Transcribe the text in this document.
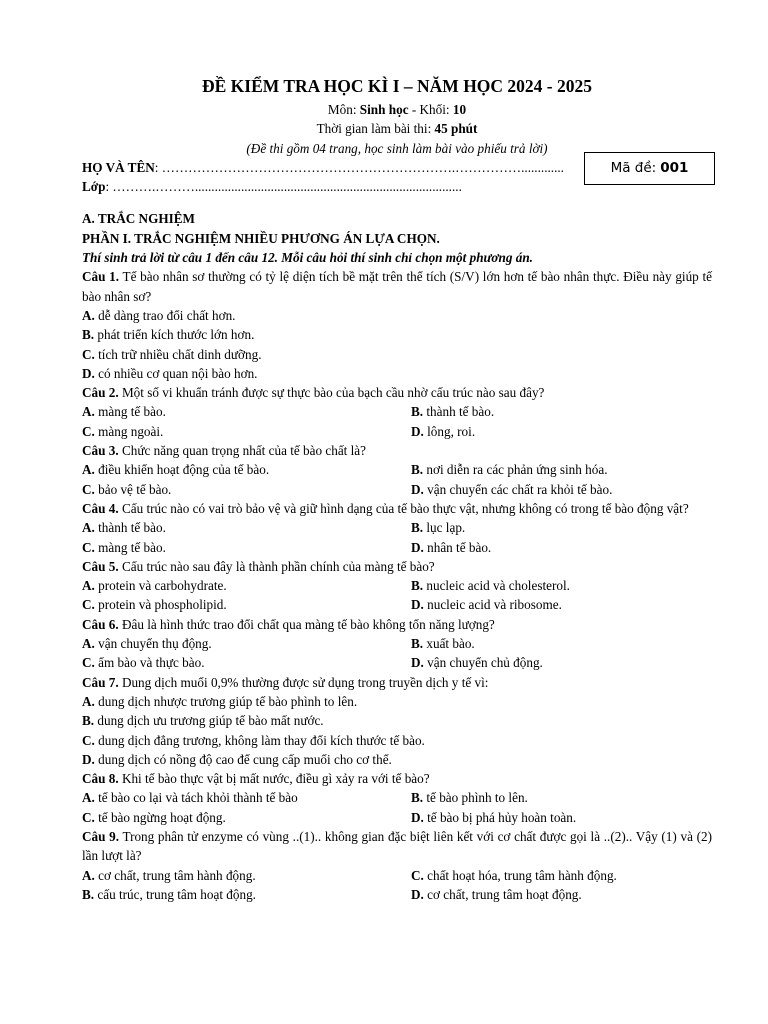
ĐỀ KIỂM TRA HỌC KÌ I – NĂM HỌC 2024 - 2025
Môn: Sinh học - Khối: 10
Thời gian làm bài thi: 45 phút
(Đề thi gồm 04 trang, học sinh làm bài vào phiếu trả lời)
HỌ VÀ TÊN: ………………………………………………………….…………….............
Lớp: ……….……….................................................................................
Mã đề: 001
A. TRẮC NGHIỆM
PHẦN I. TRẮC NGHIỆM NHIỀU PHƯƠNG ÁN LỰA CHỌN.
Thí sinh trả lời từ câu 1 đến câu 12. Mỗi câu hỏi thí sinh chỉ chọn một phương án.
Câu 1. Tế bào nhân sơ thường có tỷ lệ diện tích bề mặt trên thể tích (S/V) lớn hơn tế bào nhân thực. Điều này giúp tế bào nhân sơ?
A. dễ dàng trao đổi chất hơn.
B. phát triển kích thước lớn hơn.
C. tích trữ nhiều chất dinh dưỡng.
D. có nhiều cơ quan nội bào hơn.
Câu 2. Một số vi khuẩn tránh được sự thực bào của bạch cầu nhờ cấu trúc nào sau đây?
A. màng tế bào.	B. thành tế bào.
C. màng ngoài.	D. lông, roi.
Câu 3. Chức năng quan trọng nhất của tế bào chất là?
A. điều khiển hoạt động của tế bào.	B. nơi diễn ra các phản ứng sinh hóa.
C. bảo vệ tế bào.	D. vận chuyển các chất ra khỏi tế bào.
Câu 4. Cấu trúc nào có vai trò bảo vệ và giữ hình dạng của tế bào thực vật, nhưng không có trong tế bào động vật?
A. thành tế bào.	B. lục lạp.
C. màng tế bào.	D. nhân tế bào.
Câu 5. Cấu trúc nào sau đây là thành phần chính của màng tế bào?
A. protein và carbohydrate.	B. nucleic acid và cholesterol.
C. protein và phospholipid.	D. nucleic acid và ribosome.
Câu 6. Đâu là hình thức trao đổi chất qua màng tế bào không tốn năng lượng?
A. vận chuyển thụ động.	B. xuất bào.
C. ẩm bào và thực bào.	D. vận chuyển chủ động.
Câu 7. Dung dịch muối 0,9% thường được sử dụng trong truyền dịch y tế vì:
A. dung dịch nhược trương giúp tế bào phình to lên.
B. dung dịch ưu trương giúp tế bào mất nước.
C. dung dịch đẳng trương, không làm thay đổi kích thước tế bào.
D. dung dịch có nồng độ cao để cung cấp muối cho cơ thể.
Câu 8. Khi tế bào thực vật bị mất nước, điều gì xảy ra với tế bào?
A. tế bào co lại và tách khỏi thành tế bào	B. tế bào phình to lên.
C. tế bào ngừng hoạt động.	D. tế bào bị phá hủy hoàn toàn.
Câu 9. Trong phân tử enzyme có vùng ..(1).. không gian đặc biệt liên kết với cơ chất được gọi là ..(2).. Vậy (1) và (2) lần lượt là?
A. cơ chất, trung tâm hành động.	C. chất hoạt hóa, trung tâm hành động.
B. cấu trúc, trung tâm hoạt động.	D. cơ chất, trung tâm hoạt động.
